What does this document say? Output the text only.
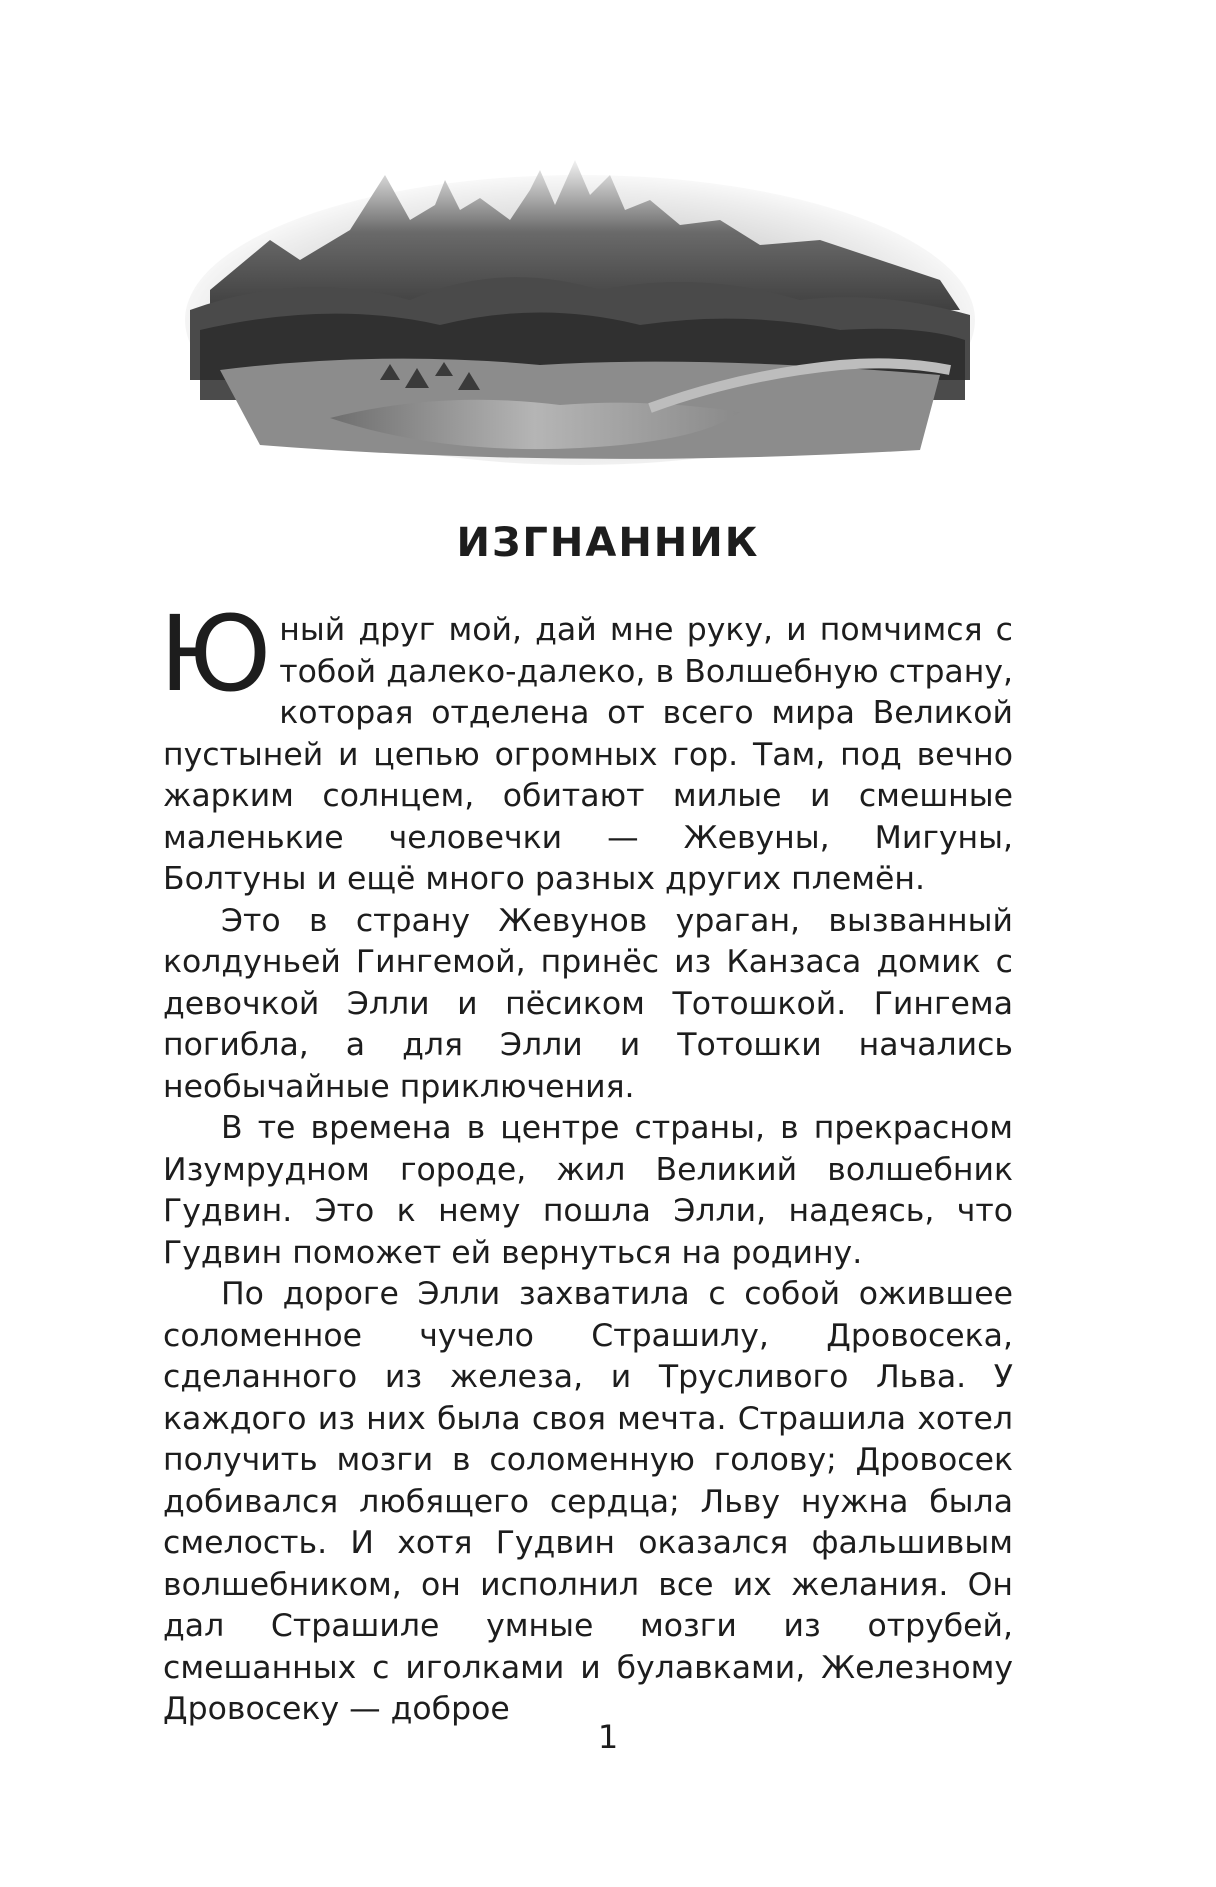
ИЗГНАННИК

Юный друг мой, дай мне руку, и помчимся с тобой далеко-далеко, в Волшебную страну, которая отделена от всего мира Великой пустыней и цепью огромных гор. Там, под вечно жарким солнцем, обитают милые и смешные маленькие человечки — Жевуны, Мигуны, Болтуны и ещё много разных других племён.

Это в страну Жевунов ураган, вызванный колдуньей Гингемой, принёс из Канзаса домик с девочкой Элли и пёсиком Тотошкой. Гингема погибла, а для Элли и Тотошки начались необычайные приключения.

В те времена в центре страны, в прекрасном Изумрудном городе, жил Великий волшебник Гудвин. Это к нему пошла Элли, надеясь, что Гудвин поможет ей вернуться на родину.

По дороге Элли захватила с собой ожившее соломенное чучело Страшилу, Дровосека, сделанного из железа, и Трусливого Льва. У каждого из них была своя мечта. Страшила хотел получить мозги в соломенную голову; Дровосек добивался любящего сердца; Льву нужна была смелость. И хотя Гудвин оказался фальшивым волшебником, он исполнил все их желания. Он дал Страшиле умные мозги из отрубей, смешанных с иголками и булавками, Железному Дровосеку — доброе

1
